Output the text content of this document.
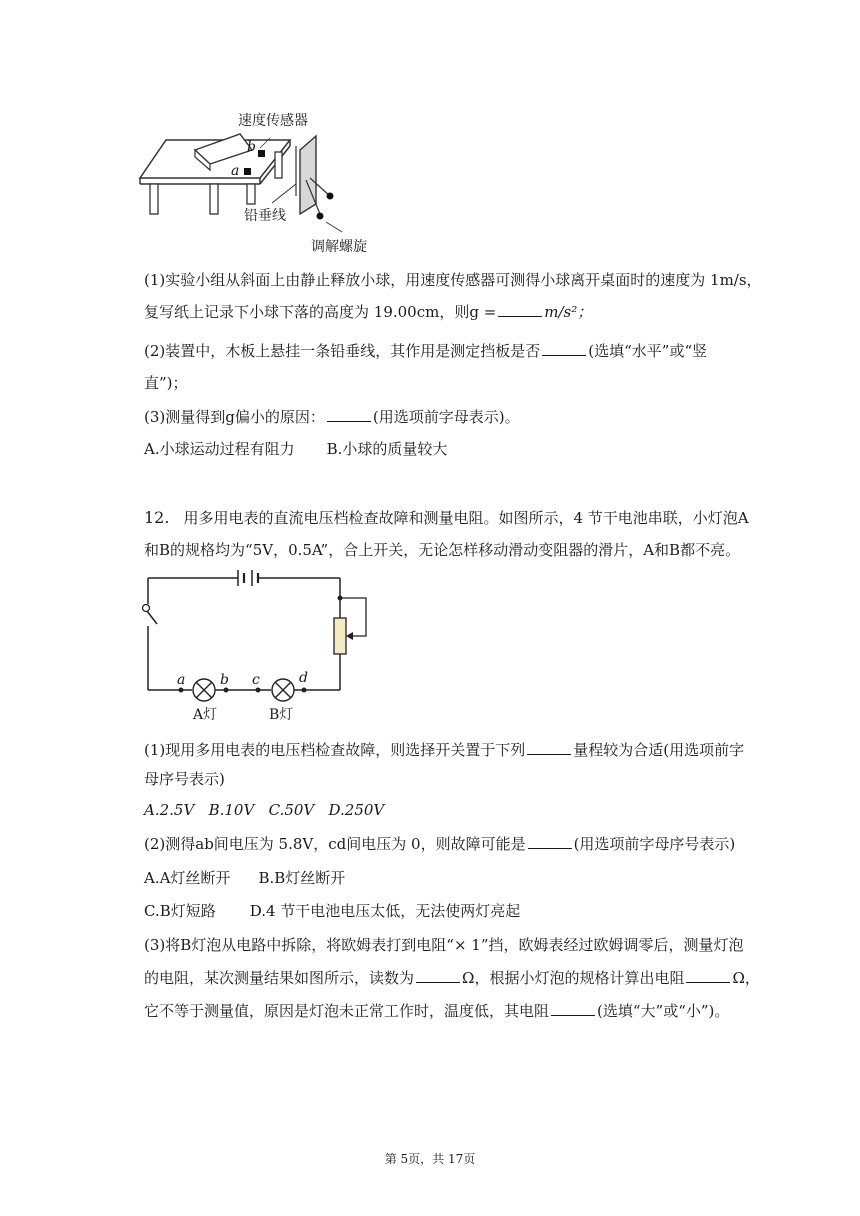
速度传感器
b
a
铅垂线
调解螺旋
(1)实验小组从斜面上由静止释放小球，用速度传感器可测得小球离开桌面时的速度为 1m/s，
复写纸上记录下小球下落的高度为 19.00cm，则g =	m/s²；
(2)装置中，木板上悬挂一条铅垂线，其作用是测定挡板是否	(选填“水平”或“竖
直”)；
(3)测量得到g偏小的原因：	(用选项前字母表示)。
A.小球运动过程有阻力 B.小球的质量较大
12. 用多用电表的直流电压档检查故障和测量电阻。如图所示，4 节干电池串联，小灯泡A
和B的规格均为“5V，0.5A”，合上开关，无论怎样移动滑动变阻器的滑片，A和B都不亮。
a b c	d
A灯	B灯
(1)现用多用电表的电压档检查故障，则选择开关置于下列	量程较为合适(用选项前字
母序号表示)
A.2.5V   B.10V   C.50V   D.250V
(2)测得ab间电压为 5.8V，cd间电压为 0，则故障可能是	(用选项前字母序号表示)
A.A灯丝断开 B.B灯丝断开
C.B灯短路 D.4 节干电池电压太低，无法使两灯亮起
(3)将B灯泡从电路中拆除，将欧姆表打到电阻“× 1”挡，欧姆表经过欧姆调零后，测量灯泡
的电阻，某次测量结果如图所示，读数为	Ω，根据小灯泡的规格计算出电阻	Ω，
它不等于测量值，原因是灯泡未正常工作时，温度低，其电阻	(选填“大”或“小”)。
第 5页，共 17页
